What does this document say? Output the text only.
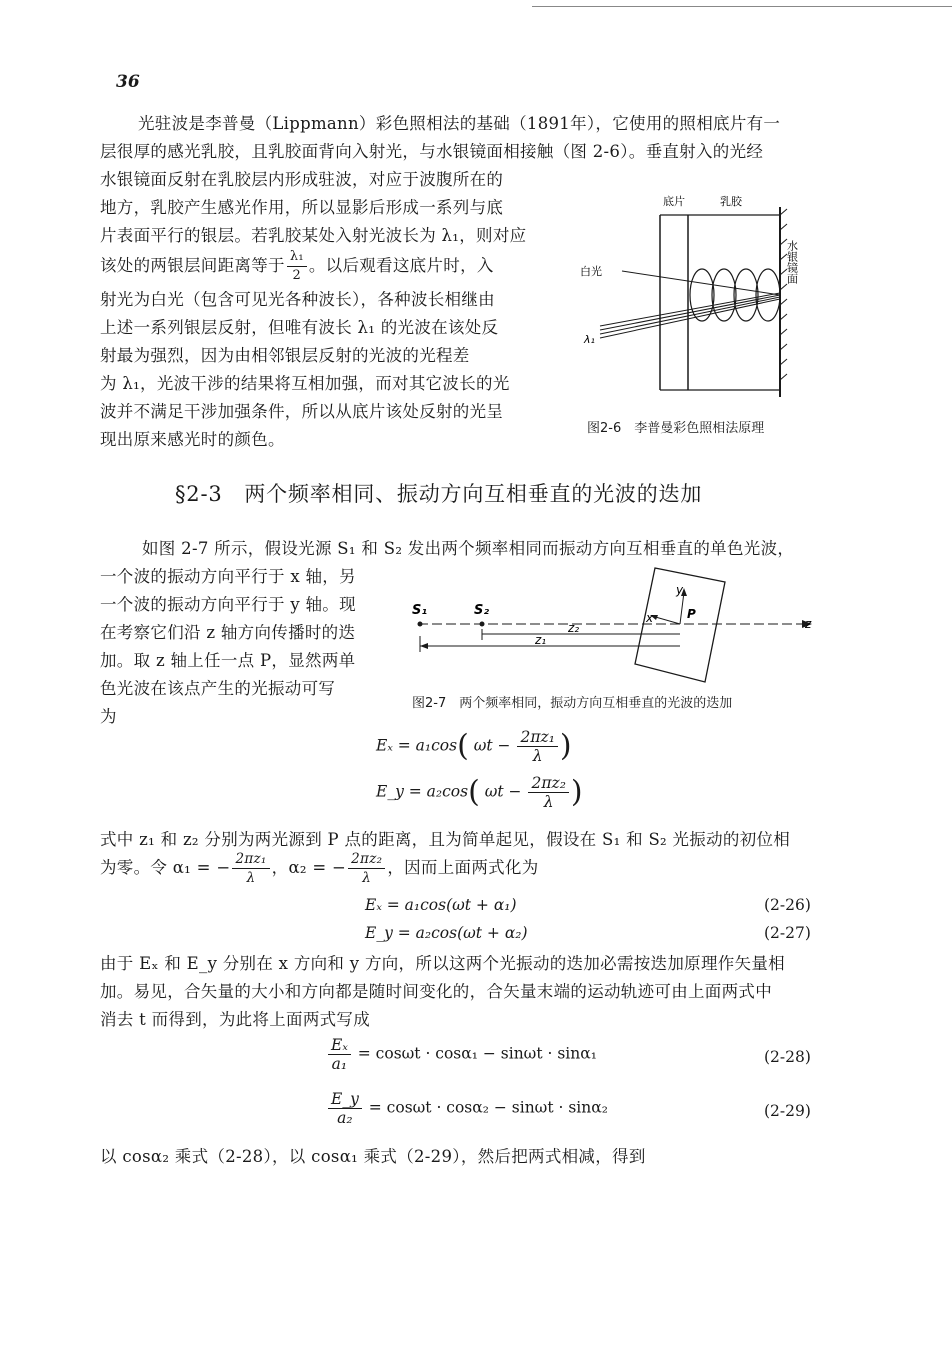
36
光驻波是李普曼（Lippmann）彩色照相法的基础（1891年），它使用的照相底片有一
层很厚的感光乳胶，且乳胶面背向入射光，与水银镜面相接触（图 2-6）。垂直射入的光经
水银镜面反射在乳胶层内形成驻波，对应于波腹所在的
地方，乳胶产生感光作用，所以显影后形成一系列与底
片表面平行的银层。若乳胶某处入射光波长为 λ₁，则对应
该处的两银层间距离等于 $\frac{\text{λ₁}}{2}$ 。以后观看这底片时，入
射光为白光（包含可见光各种波长），各种波长相继由
上述一系列银层反射，但唯有波长 λ₁ 的光波在该处反
射最为强烈，因为由相邻银层反射的光波的光程差
为 λ₁，光波干涉的结果将互相加强，而对其它波长的光
波并不满足干涉加强条件，所以从底片该处反射的光呈
现出原来感光时的颜色。
底片	乳胶
白光
λ₁
水银镜面
图2-6　李普曼彩色照相法原理
§2-3　两个频率相同、振动方向互相垂直的光波的迭加
如图 2-7 所示，假设光源 S₁ 和 S₂ 发出两个频率相同而振动方向互相垂直的单色光波，
一个波的振动方向平行于 x 轴，另
一个波的振动方向平行于 y 轴。现
在考察它们沿 z 轴方向传播时的迭
加。取 z 轴上任一点 P，显然两单
色光波在该点产生的光振动可写
为
S₁	S₂
z₂
z₁
x
y
P
z
图2-7　两个频率相同，振动方向互相垂直的光波的迭加
Eₓ = a₁cos( $\omega t - \frac{\text{2πz₁}}{\lambda}$ )
E_y = a₂cos( $\omega t - \frac{\text{2πz₂}}{\lambda}$ )
式中 z₁ 和 z₂ 分别为两光源到 P 点的距离，且为简单起见，假设在 S₁ 和 S₂ 光振动的初位相
为零。令 α₁ = − $\frac{\text{2πz₁}}{\lambda}$ ，α₂ = − $\frac{\text{2πz₂}}{\lambda}$ ，因而上面两式化为
Eₓ = a₁cos(ωt + α₁)	(2-26)
E_y = a₂cos(ωt + α₂)	(2-27)
由于 Eₓ 和 E_y 分别在 x 方向和 y 方向，所以这两个光振动的迭加必需按迭加原理作矢量相
加。易见，合矢量的大小和方向都是随时间变化的，合矢量末端的运动轨迹可由上面两式中
消去 t 而得到，为此将上面两式写成
$\frac{\text{Eₓ}}{\text{a₁}} = \cos\omega t \cdot \cos\alpha_1 - \sin\omega t \cdot \sin\alpha_1$	(2-28)
$\frac{E\_y}{\text{a₂}} = \cos\omega t \cdot \cos\alpha_2 - \sin\omega t \cdot \sin\alpha_2$	(2-29)
以 cosα₂ 乘式（2-28），以 cosα₁ 乘式（2-29），然后把两式相减，得到
